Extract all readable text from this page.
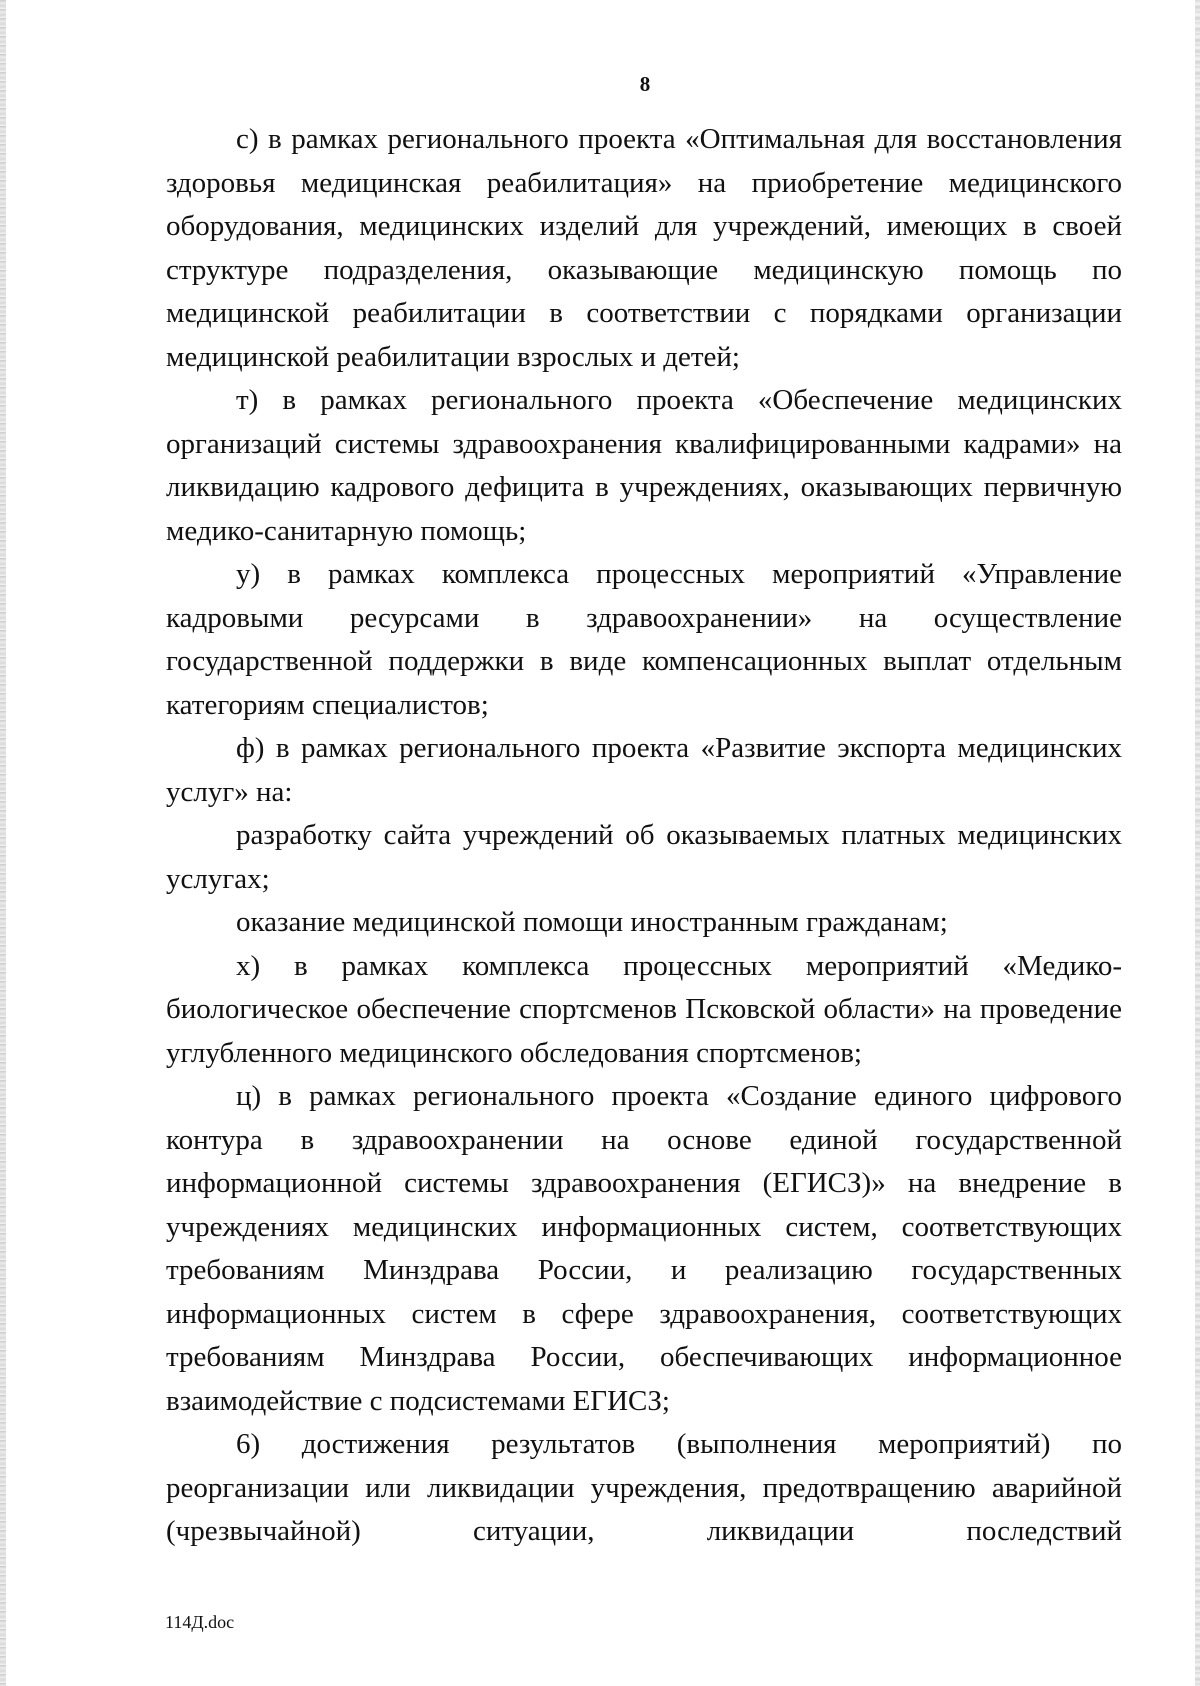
8

с) в рамках регионального проекта «Оптимальная для восстановления здоровья медицинская реабилитация» на приобретение медицинского оборудования, медицинских изделий для учреждений, имеющих в своей структуре подразделения, оказывающие медицинскую помощь по медицинской реабилитации в соответствии с порядками организации медицинской реабилитации взрослых и детей;

т) в рамках регионального проекта «Обеспечение медицинских организаций системы здравоохранения квалифицированными кадрами» на ликвидацию кадрового дефицита в учреждениях, оказывающих первичную медико-санитарную помощь;

у) в рамках комплекса процессных мероприятий «Управление кадровыми ресурсами в здравоохранении» на осуществление государственной поддержки в виде компенсационных выплат отдельным категориям специалистов;

ф) в рамках регионального проекта «Развитие экспорта медицинских услуг» на:

разработку сайта учреждений об оказываемых платных медицинских услугах;

оказание медицинской помощи иностранным гражданам;

х) в рамках комплекса процессных мероприятий «Медико-биологическое обеспечение спортсменов Псковской области» на проведение углубленного медицинского обследования спортсменов;

ц) в рамках регионального проекта «Создание единого цифрового контура в здравоохранении на основе единой государственной информационной системы здравоохранения (ЕГИСЗ)» на внедрение в учреждениях медицинских информационных систем, соответствующих требованиям Минздрава России, и реализацию государственных информационных систем в сфере здравоохранения, соответствующих требованиям Минздрава России, обеспечивающих информационное взаимодействие с подсистемами ЕГИСЗ;

6) достижения результатов (выполнения мероприятий) по реорганизации или ликвидации учреждения, предотвращению аварийной (чрезвычайной) ситуации, ликвидации последствий

114Д.doc
